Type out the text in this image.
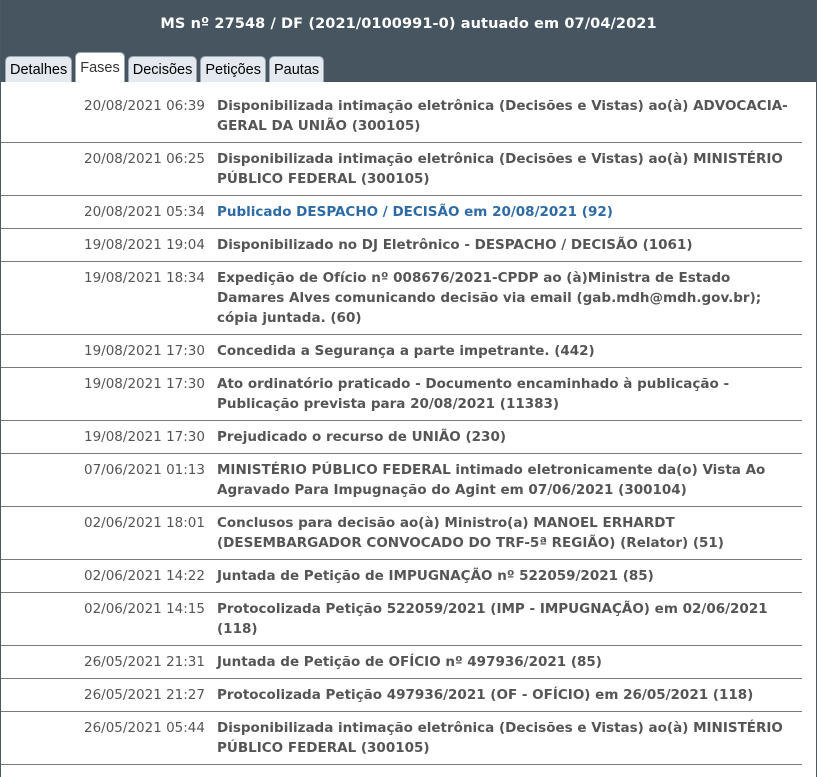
MS nº 27548 / DF (2021/0100991-0) autuado em 07/04/2021
Detalhes Fases Decisões Petições Pautas
20/08/2021 06:39 Disponibilizada intimação eletrônica (Decisões e Vistas) ao(à) ADVOCACIA-GERAL DA UNIÃO (300105)
20/08/2021 06:25 Disponibilizada intimação eletrônica (Decisões e Vistas) ao(à) MINISTÉRIO PÚBLICO FEDERAL (300105)
20/08/2021 05:34 Publicado DESPACHO / DECISÃO em 20/08/2021 (92)
19/08/2021 19:04 Disponibilizado no DJ Eletrônico - DESPACHO / DECISÃO (1061)
19/08/2021 18:34 Expedição de Ofício nº 008676/2021-CPDP ao (à)Ministra de Estado Damares Alves comunicando decisão via email (gab.mdh@mdh.gov.br); cópia juntada. (60)
19/08/2021 17:30 Concedida a Segurança a parte impetrante. (442)
19/08/2021 17:30 Ato ordinatório praticado - Documento encaminhado à publicação - Publicação prevista para 20/08/2021 (11383)
19/08/2021 17:30 Prejudicado o recurso de UNIÃO (230)
07/06/2021 01:13 MINISTÉRIO PÚBLICO FEDERAL intimado eletronicamente da(o) Vista Ao Agravado Para Impugnação do Agint em 07/06/2021 (300104)
02/06/2021 18:01 Conclusos para decisão ao(à) Ministro(a) MANOEL ERHARDT (DESEMBARGADOR CONVOCADO DO TRF-5ª REGIÃO) (Relator) (51)
02/06/2021 14:22 Juntada de Petição de IMPUGNAÇÃO nº 522059/2021 (85)
02/06/2021 14:15 Protocolizada Petição 522059/2021 (IMP - IMPUGNAÇÃO) em 02/06/2021 (118)
26/05/2021 21:31 Juntada de Petição de OFÍCIO nº 497936/2021 (85)
26/05/2021 21:27 Protocolizada Petição 497936/2021 (OF - OFÍCIO) em 26/05/2021 (118)
26/05/2021 05:44 Disponibilizada intimação eletrônica (Decisões e Vistas) ao(à) MINISTÉRIO PÚBLICO FEDERAL (300105)
